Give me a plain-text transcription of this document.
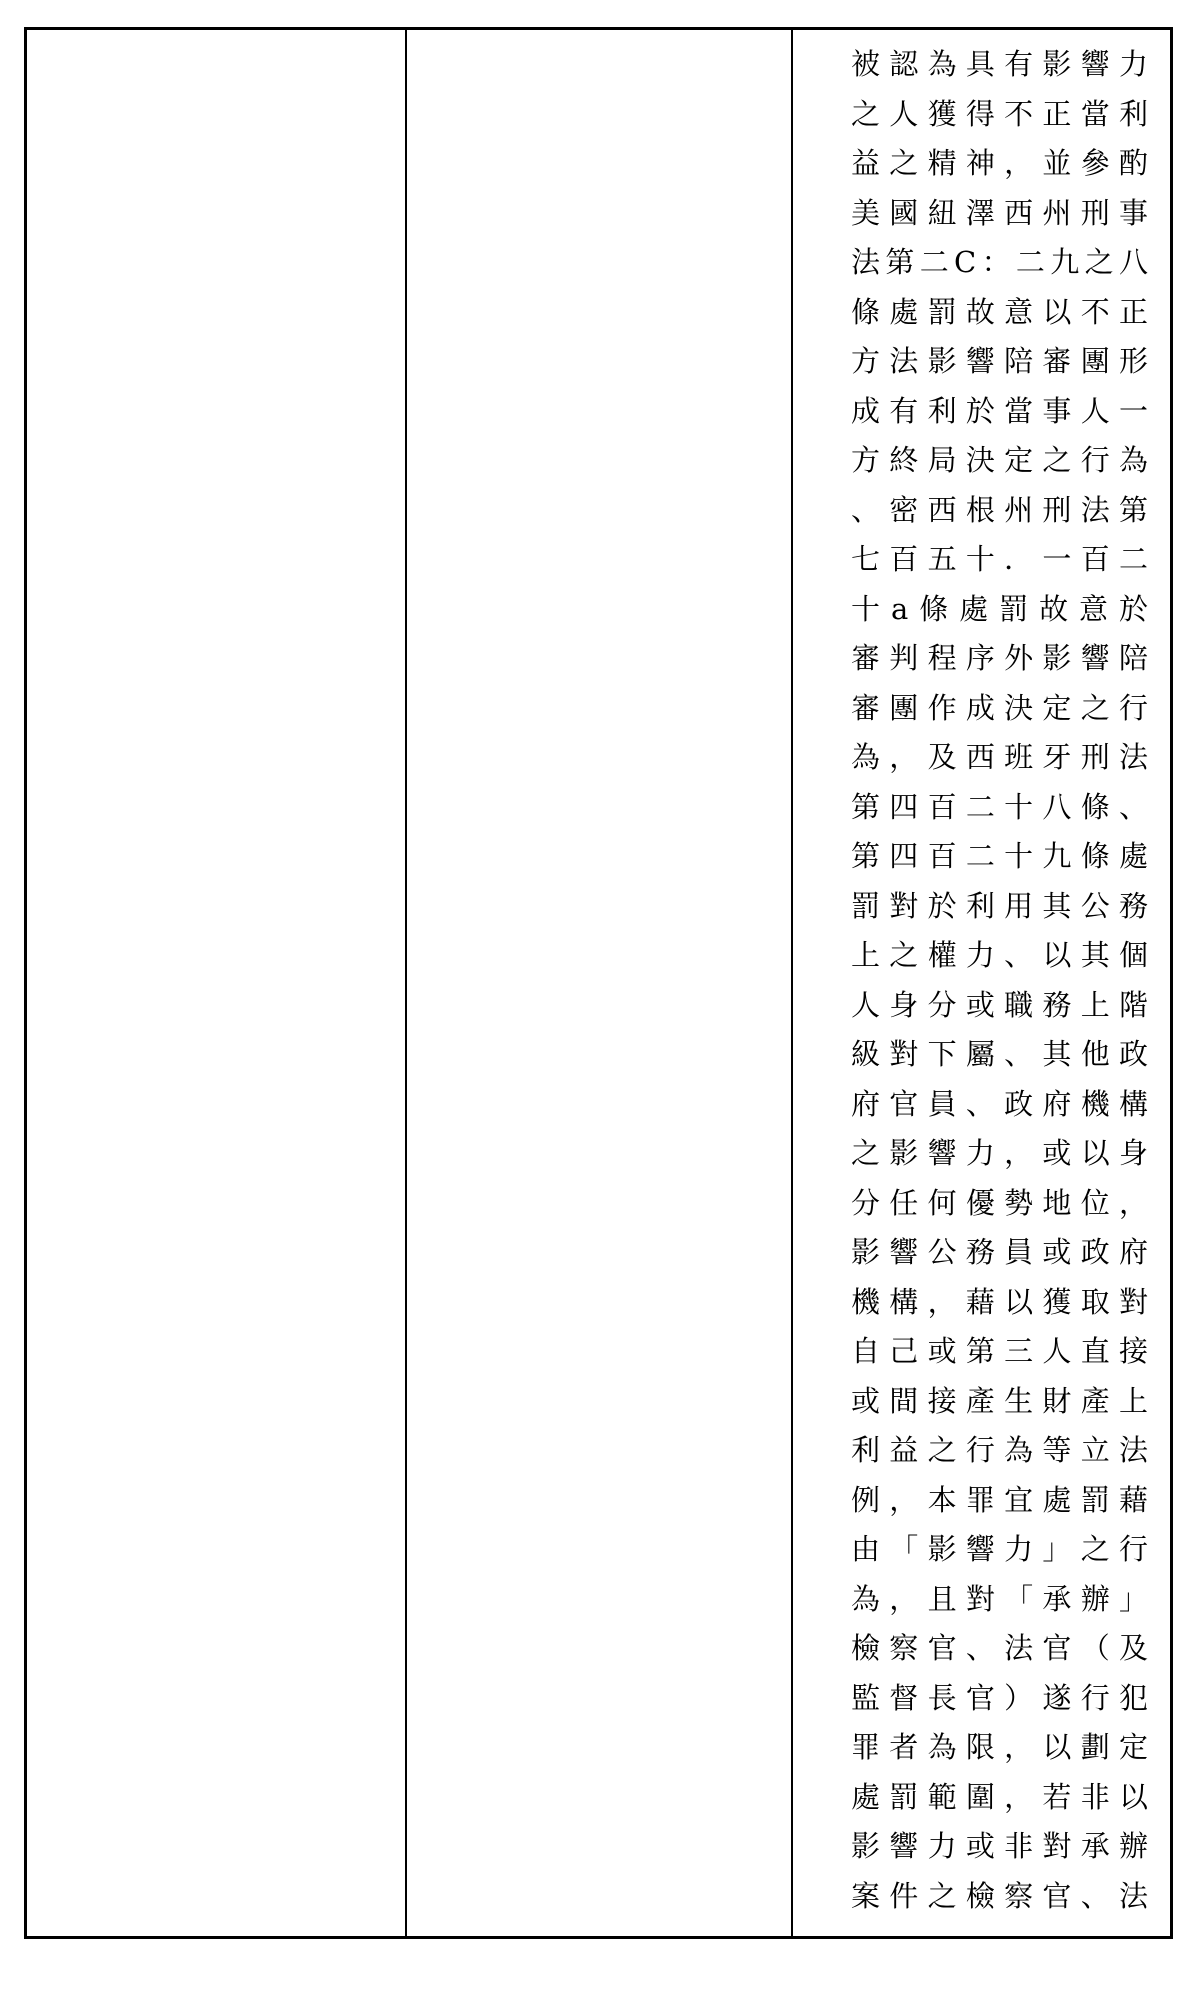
被認為具有影響力
之人獲得不正當利
益之精神，並參酌
美國紐澤西州刑事
法第二C：二九之八
條處罰故意以不正
方法影響陪審團形
成有利於當事人一
方終局決定之行為
、密西根州刑法第
七百五十．一百二
十a條處罰故意於
審判程序外影響陪
審團作成決定之行
為，及西班牙刑法
第四百二十八條、
第四百二十九條處
罰對於利用其公務
上之權力、以其個
人身分或職務上階
級對下屬、其他政
府官員、政府機構
之影響力，或以身
分任何優勢地位，
影響公務員或政府
機構，藉以獲取對
自己或第三人直接
或間接產生財產上
利益之行為等立法
例，本罪宜處罰藉
由「影響力」之行
為，且對「承辦」
檢察官、法官（及
監督長官）遂行犯
罪者為限，以劃定
處罰範圍，若非以
影響力或非對承辦
案件之檢察官、法
